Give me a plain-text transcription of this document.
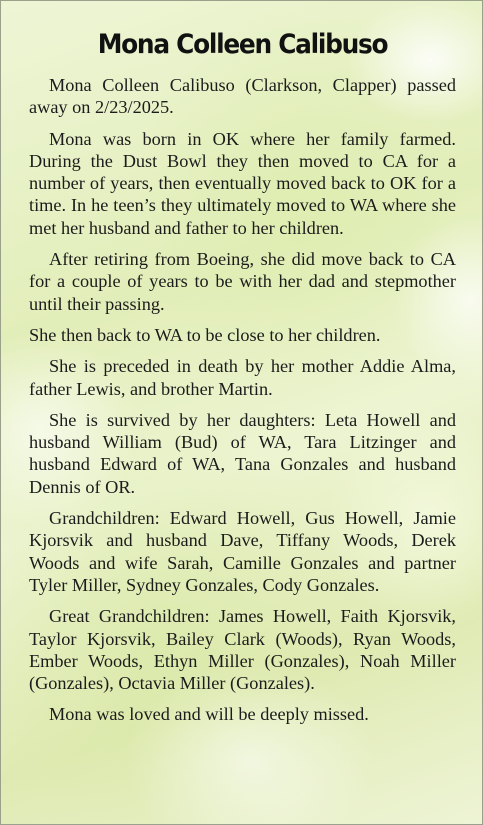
Mona Colleen Calibuso

Mona Colleen Calibuso (Clarkson, Clapper) passed away on 2/23/2025.

Mona was born in OK where her family farmed. During the Dust Bowl they then moved to CA for a number of years, then eventually moved back to OK for a time. In he teen’s they ultimately moved to WA where she met her husband and father to her children.

After retiring from Boeing, she did move back to CA for a couple of years to be with her dad and stepmother until their passing.

She then back to WA to be close to her children.

She is preceded in death by her mother Addie Alma, father Lewis, and brother Martin.

She is survived by her daughters: Leta Howell and husband William (Bud) of WA, Tara Litzinger and husband Edward of WA, Tana Gonzales and husband Dennis of OR.

Grandchildren: Edward Howell, Gus Howell, Jamie Kjorsvik and husband Dave, Tiffany Woods, Derek Woods and wife Sarah, Camille Gonzales and partner Tyler Miller, Sydney Gonzales, Cody Gonzales.

Great Grandchildren: James Howell, Faith Kjorsvik, Taylor Kjorsvik, Bailey Clark (Woods), Ryan Woods, Ember Woods, Ethyn Miller (Gonzales), Noah Miller (Gonzales), Octavia Miller (Gonzales).

Mona was loved and will be deeply missed.
